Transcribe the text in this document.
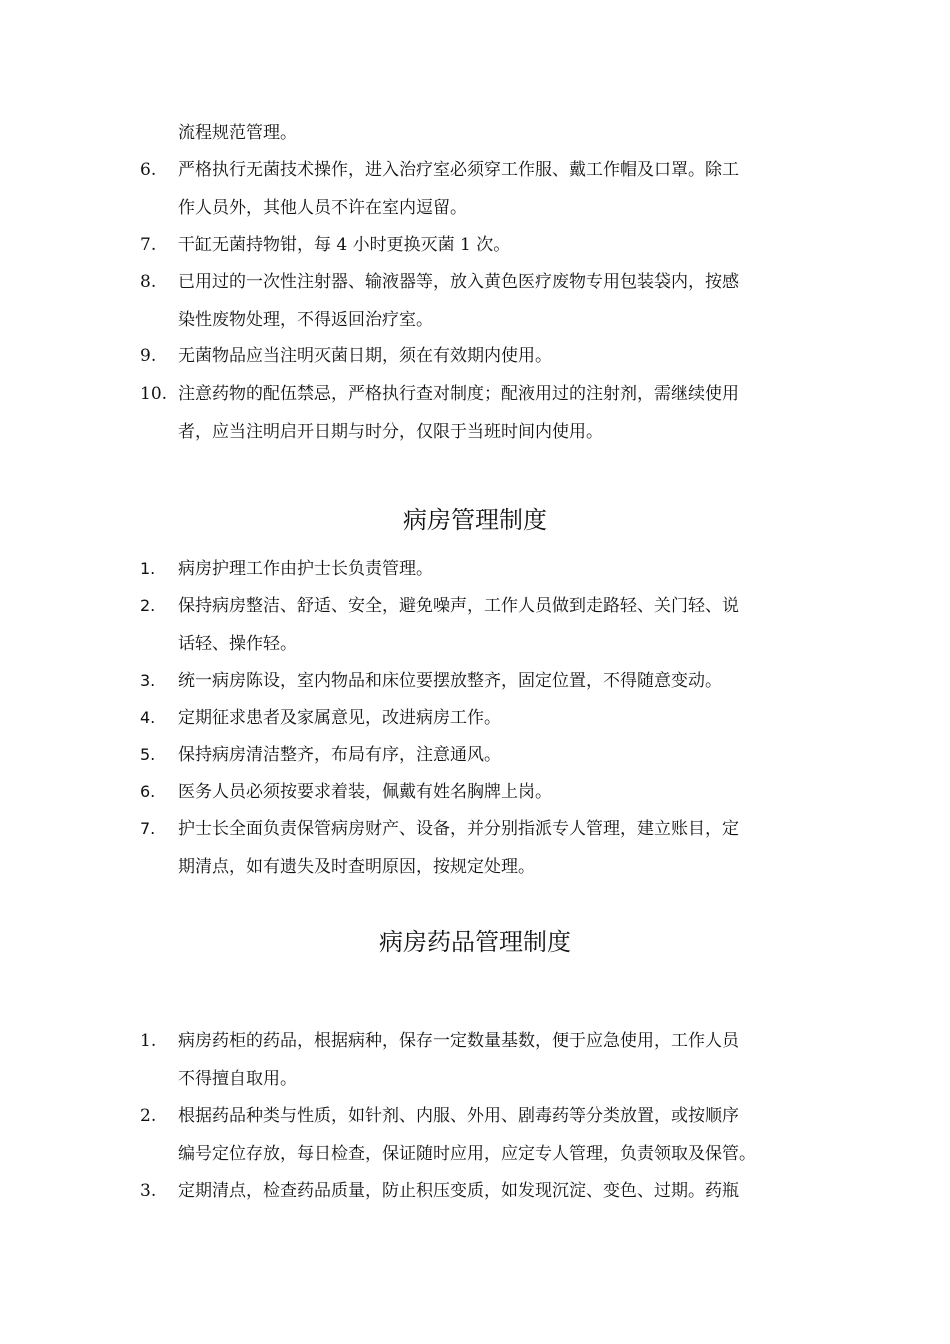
流程规范管理。
6.	严格执行无菌技术操作，进入治疗室必须穿工作服、戴工作帽及口罩。除工
作人员外，其他人员不许在室内逗留。
7.	干缸无菌持物钳，每 4 小时更换灭菌 1 次。
8.	已用过的一次性注射器、输液器等，放入黄色医疗废物专用包装袋内，按感
染性废物处理，不得返回治疗室。
9.	无菌物品应当注明灭菌日期，须在有效期内使用。
10. 注意药物的配伍禁忌，严格执行查对制度；配液用过的注射剂，需继续使用
者，应当注明启开日期与时分，仅限于当班时间内使用。
病房管理制度
1.	病房护理工作由护士长负责管理。
2.	保持病房整洁、舒适、安全，避免噪声，工作人员做到走路轻、关门轻、说
话轻、操作轻。
3.	统一病房陈设，室内物品和床位要摆放整齐，固定位置，不得随意变动。
4.	定期征求患者及家属意见，改进病房工作。
5.	保持病房清洁整齐，布局有序，注意通风。
6.	医务人员必须按要求着装，佩戴有姓名胸牌上岗。
7.	护士长全面负责保管病房财产、设备，并分别指派专人管理，建立账目，定
期清点，如有遗失及时查明原因，按规定处理。
病房药品管理制度
1.	病房药柜的药品，根据病种，保存一定数量基数，便于应急使用，工作人员
不得擅自取用。
2.	根据药品种类与性质，如针剂、内服、外用、剧毒药等分类放置，或按顺序
编号定位存放，每日检查，保证随时应用，应定专人管理，负责领取及保管。
3.	定期清点，检查药品质量，防止积压变质，如发现沉淀、变色、过期。药瓶
